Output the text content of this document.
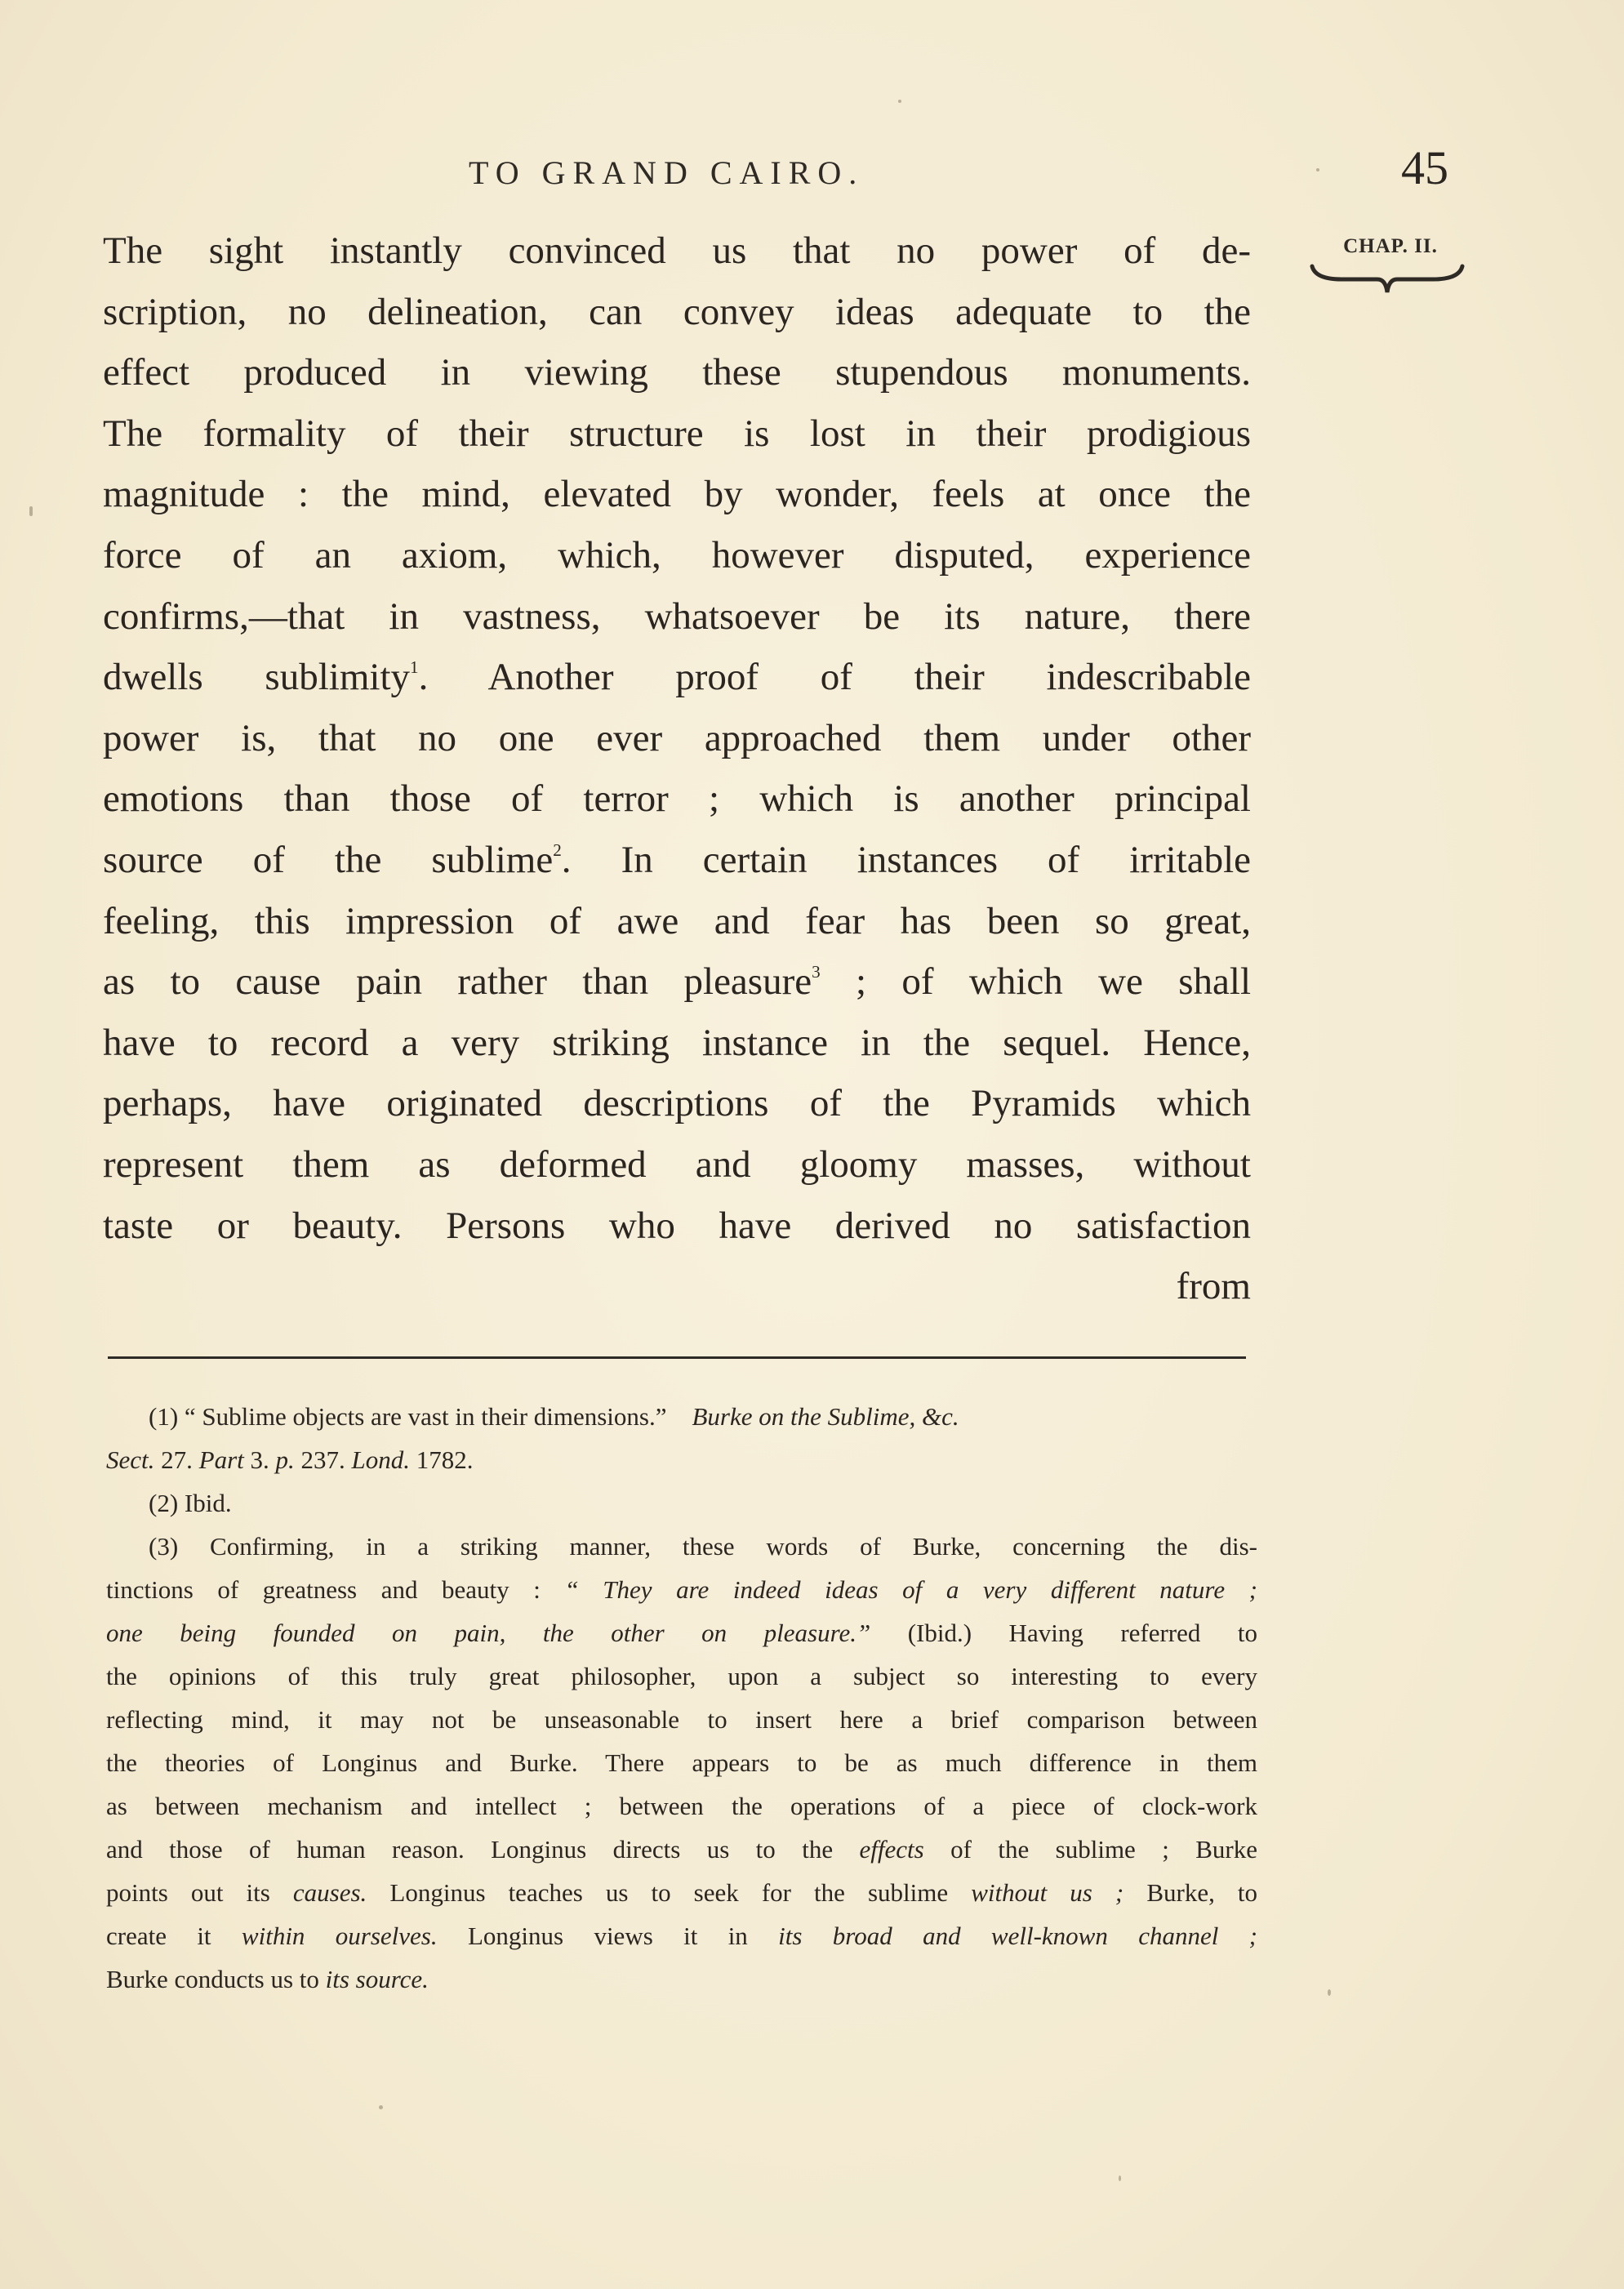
TO GRAND CAIRO.	45
CHAP. II.
The sight instantly convinced us that no power of de-
scription, no delineation, can convey ideas adequate to the
effect produced in viewing these stupendous monuments.
The formality of their structure is lost in their prodigious
magnitude : the mind, elevated by wonder, feels at once the
force of an axiom, which, however disputed, experience
confirms,—that in vastness, whatsoever be its nature, there
dwells sublimity$^1$. Another proof of their indescribable
power is, that no one ever approached them under other
emotions than those of terror ; which is another principal
source of the sublime$^2$. In certain instances of irritable
feeling, this impression of awe and fear has been so great,
as to cause pain rather than pleasure$^3$ ; of which we shall
have to record a very striking instance in the sequel. Hence,
perhaps, have originated descriptions of the Pyramids which
represent them as deformed and gloomy masses, without
taste or beauty. Persons who have derived no satisfaction
from
(1) “ Sublime objects are vast in their dimensions.” Burke on the Sublime, &c.
Sect. 27. Part 3. p. 237. Lond. 1782.
(2) Ibid.
(3) Confirming, in a striking manner, these words of Burke, concerning the dis-
tinctions of greatness and beauty : “ They are indeed ideas of a very different nature ;
one being founded on pain, the other on pleasure.” (Ibid.) Having referred to
the opinions of this truly great philosopher, upon a subject so interesting to every
reflecting mind, it may not be unseasonable to insert here a brief comparison between
the theories of Longinus and Burke. There appears to be as much difference in them
as between mechanism and intellect ; between the operations of a piece of clock-work
and those of human reason. Longinus directs us to the effects of the sublime ; Burke
points out its causes. Longinus teaches us to seek for the sublime without us ; Burke, to
create it within ourselves. Longinus views it in its broad and well-known channel ;
Burke conducts us to its source.
